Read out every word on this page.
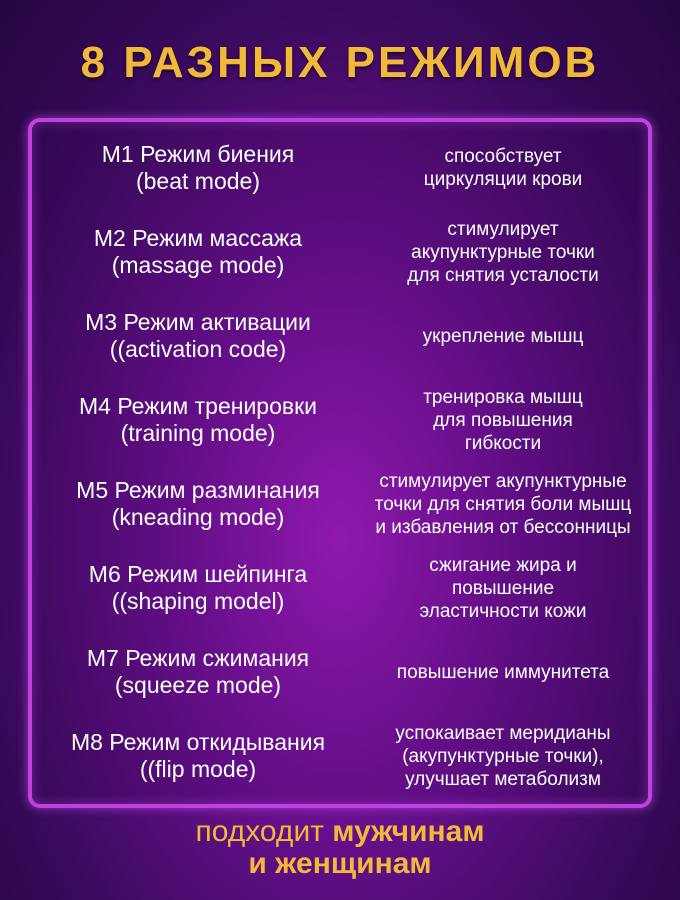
8 РАЗНЫХ РЕЖИМОВ
M1 Режим биения
(beat mode)
способствует
циркуляции крови
M2 Режим массажа
(massage mode)
стимулирует
акупунктурные точки
для снятия усталости
M3 Режим активации
((activation code)	укрепление мышц
M4 Режим тренировки
(training mode)
тренировка мышц
для повышения
гибкости
M5 Режим разминания
(kneading mode)
стимулирует акупунктурные
точки для снятия боли мышц
и избавления от бессонницы
M6 Режим шейпинга
((shaping model)
сжигание жира и
повышение
эластичности кожи
M7 Режим сжимания
(squeeze mode)	повышение иммунитета
M8 Режим откидывания
((flip mode)
успокаивает меридианы
(акупунктурные точки),
улучшает метаболизм
подходит мужчинам
и женщинам
